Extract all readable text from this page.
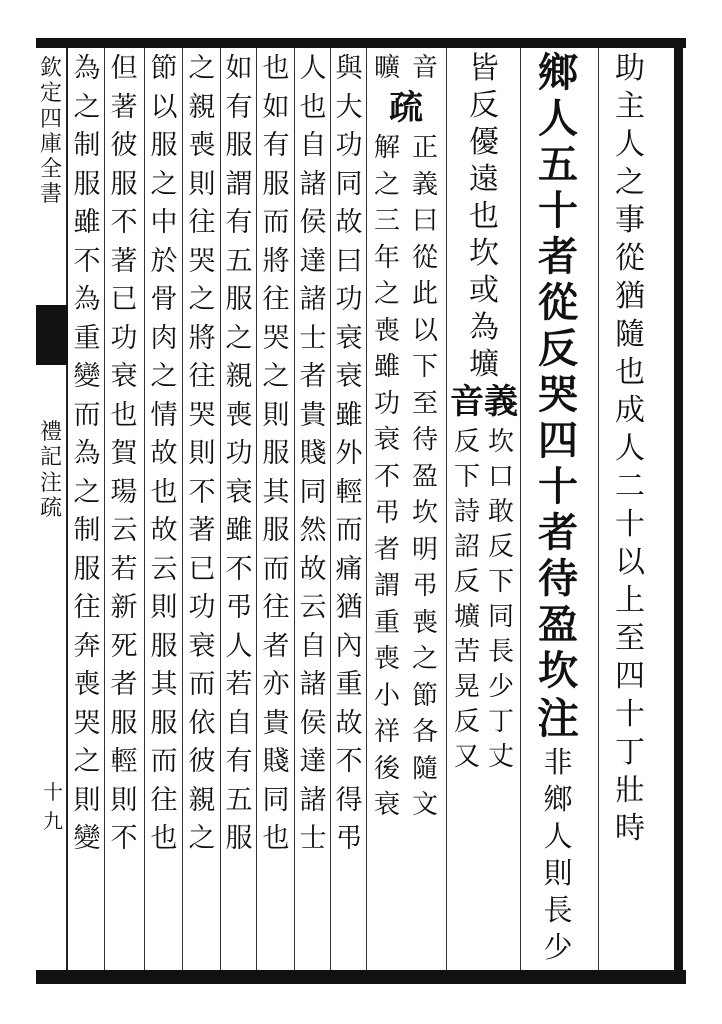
欽
定
四
庫
全
書
禮
記
注
疏
十九
助
主
人
之
事
從
猶
隨
也
成
人
二
十
以
上
至
四
十
丁
壯
時
鄉
人
五
十
者
從
反
哭
四
十
者
待
盈
坎
注
非
鄉
人
則
長
少
皆
反
優
遠
也
坎
或
為
壙
音義
坎
口
敢
反
下
同
長
少
丁
丈
反
下
詩
詔
反
壙
苦
晃
反
又
音
曠
疏
正
義
曰
從
此
以
下
至
待
盈
坎
明
弔
喪
之
節
各
隨
文
解
之
三
年
之
喪
雖
功
衰
不
弔
者
謂
重
喪
小
祥
後
衰
與
大
功
同
故
曰
功
衰
衰
雖
外
輕
而
痛
猶
內
重
故
不
得
弔
人
也
自
諸
侯
達
諸
士
者
貴
賤
同
然
故
云
自
諸
侯
達
諸
士
也
如
有
服
而
將
往
哭
之
則
服
其
服
而
往
者
亦
貴
賤
同
也
如
有
服
謂
有
五
服
之
親
喪
功
衰
雖
不
弔
人
若
自
有
五
服
之
親
喪
則
往
哭
之
將
往
哭
則
不
著
已
功
衰
而
依
彼
親
之
節
以
服
之
中
於
骨
肉
之
情
故
也
故
云
則
服
其
服
而
往
也
但
著
彼
服
不
著
已
功
衰
也
賀
瑒
云
若
新
死
者
服
輕
則
不
為
之
制
服
雖
不
為
重
變
而
為
之
制
服
往
奔
喪
哭
之
則
變
